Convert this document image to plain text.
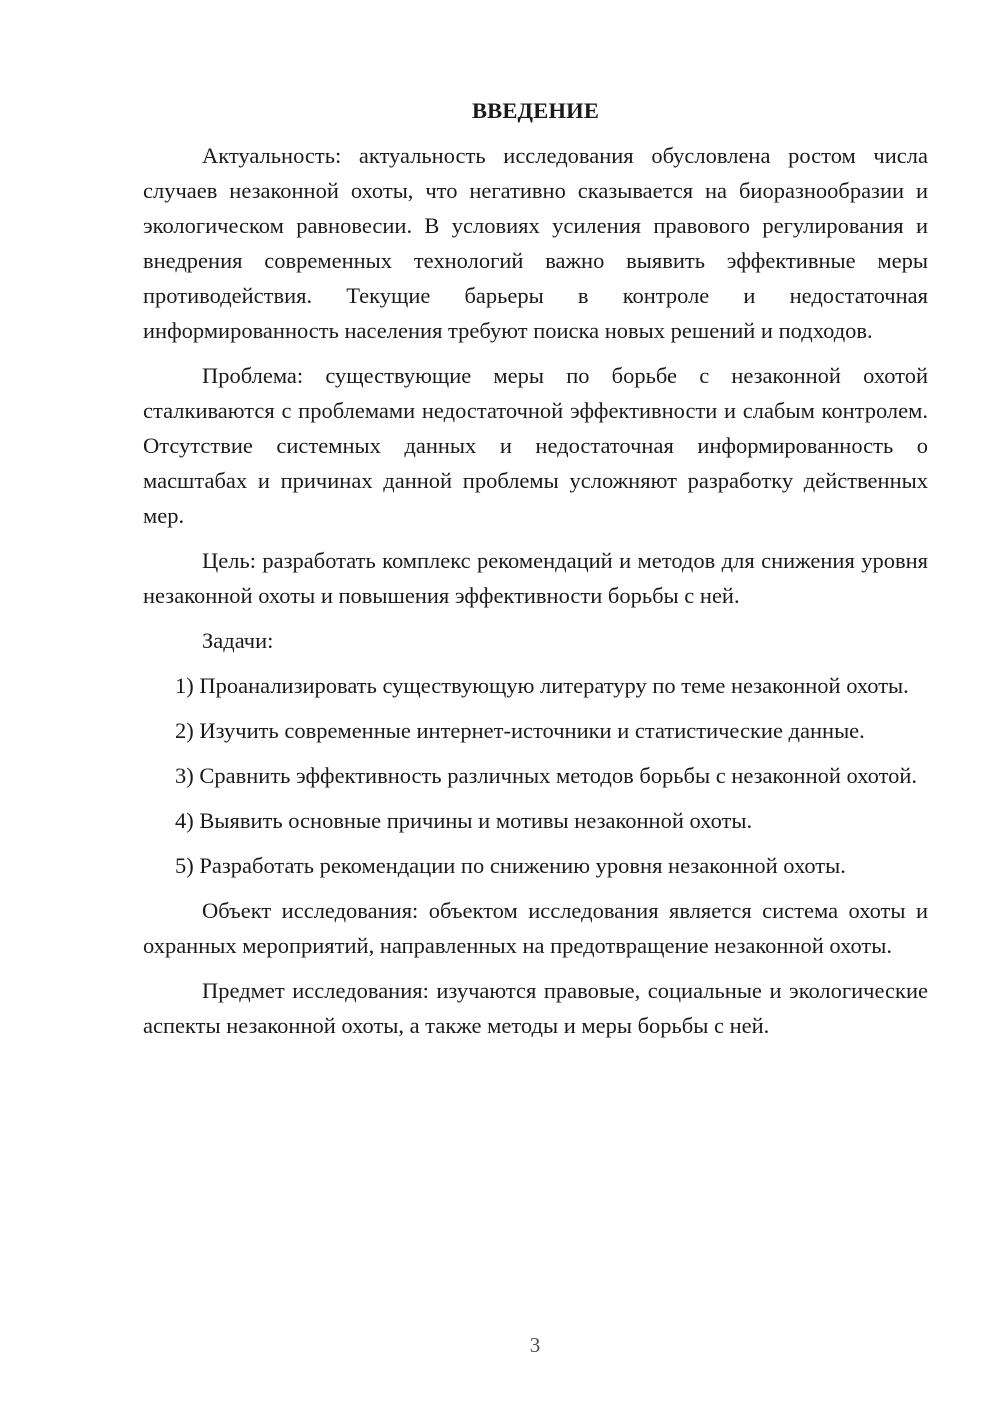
ВВЕДЕНИЕ

Актуальность: актуальность исследования обусловлена ростом числа случаев незаконной охоты, что негативно сказывается на биоразнообразии и экологическом равновесии. В условиях усиления правового регулирования и внедрения современных технологий важно выявить эффективные меры противодействия. Текущие барьеры в контроле и недостаточная информированность населения требуют поиска новых решений и подходов.

Проблема: существующие меры по борьбе с незаконной охотой сталкиваются с проблемами недостаточной эффективности и слабым контролем. Отсутствие системных данных и недостаточная информированность о масштабах и причинах данной проблемы усложняют разработку действенных мер.

Цель: разработать комплекс рекомендаций и методов для снижения уровня незаконной охоты и повышения эффективности борьбы с ней.

Задачи:

1) Проанализировать существующую литературу по теме незаконной охоты.

2) Изучить современные интернет-источники и статистические данные.

3) Сравнить эффективность различных методов борьбы с незаконной охотой.

4) Выявить основные причины и мотивы незаконной охоты.

5) Разработать рекомендации по снижению уровня незаконной охоты.

Объект исследования: объектом исследования является система охоты и охранных мероприятий, направленных на предотвращение незаконной охоты.

Предмет исследования: изучаются правовые, социальные и экологические аспекты незаконной охоты, а также методы и меры борьбы с ней.

3
